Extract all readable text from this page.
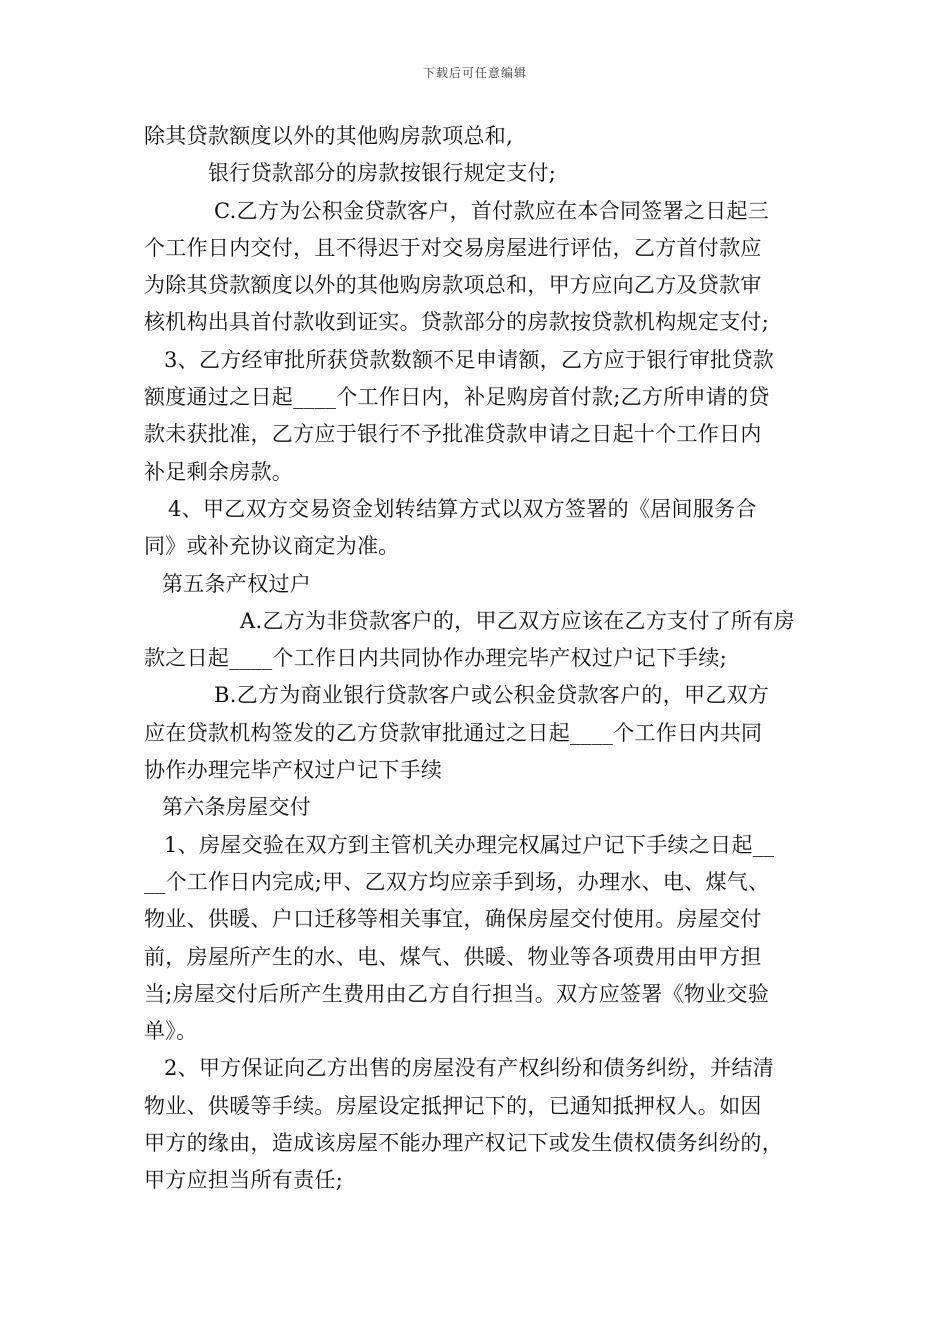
下载后可任意编辑
除其贷款额度以外的其他购房款项总和,
银行贷款部分的房款按银行规定支付;
C.乙方为公积金贷款客户，首付款应在本合同签署之日起三
个工作日内交付，且不得迟于对交易房屋进行评估，乙方首付款应
为除其贷款额度以外的其他购房款项总和，甲方应向乙方及贷款审
核机构出具首付款收到证实。贷款部分的房款按贷款机构规定支付;
3、乙方经审批所获贷款数额不足申请额，乙方应于银行审批贷款
额度通过之日起____个工作日内，补足购房首付款;乙方所申请的贷
款未获批准，乙方应于银行不予批准贷款申请之日起十个工作日内
补足剩余房款。
4、甲乙双方交易资金划转结算方式以双方签署的《居间服务合
同》或补充协议商定为准。
第五条产权过户
A.乙方为非贷款客户的，甲乙双方应该在乙方支付了所有房
款之日起____个工作日内共同协作办理完毕产权过户记下手续;
B.乙方为商业银行贷款客户或公积金贷款客户的，甲乙双方
应在贷款机构签发的乙方贷款审批通过之日起____个工作日内共同
协作办理完毕产权过户记下手续
第六条房屋交付
1、房屋交验在双方到主管机关办理完权属过户记下手续之日起__
__个工作日内完成;甲、乙双方均应亲手到场，办理水、电、煤气、
物业、供暖、户口迁移等相关事宜，确保房屋交付使用。房屋交付
前，房屋所产生的水、电、煤气、供暖、物业等各项费用由甲方担
当;房屋交付后所产生费用由乙方自行担当。双方应签署《物业交验
单》。
2、甲方保证向乙方出售的房屋没有产权纠纷和债务纠纷，并结清
物业、供暖等手续。房屋设定抵押记下的，已通知抵押权人。如因
甲方的缘由，造成该房屋不能办理产权记下或发生债权债务纠纷的，
甲方应担当所有责任;
